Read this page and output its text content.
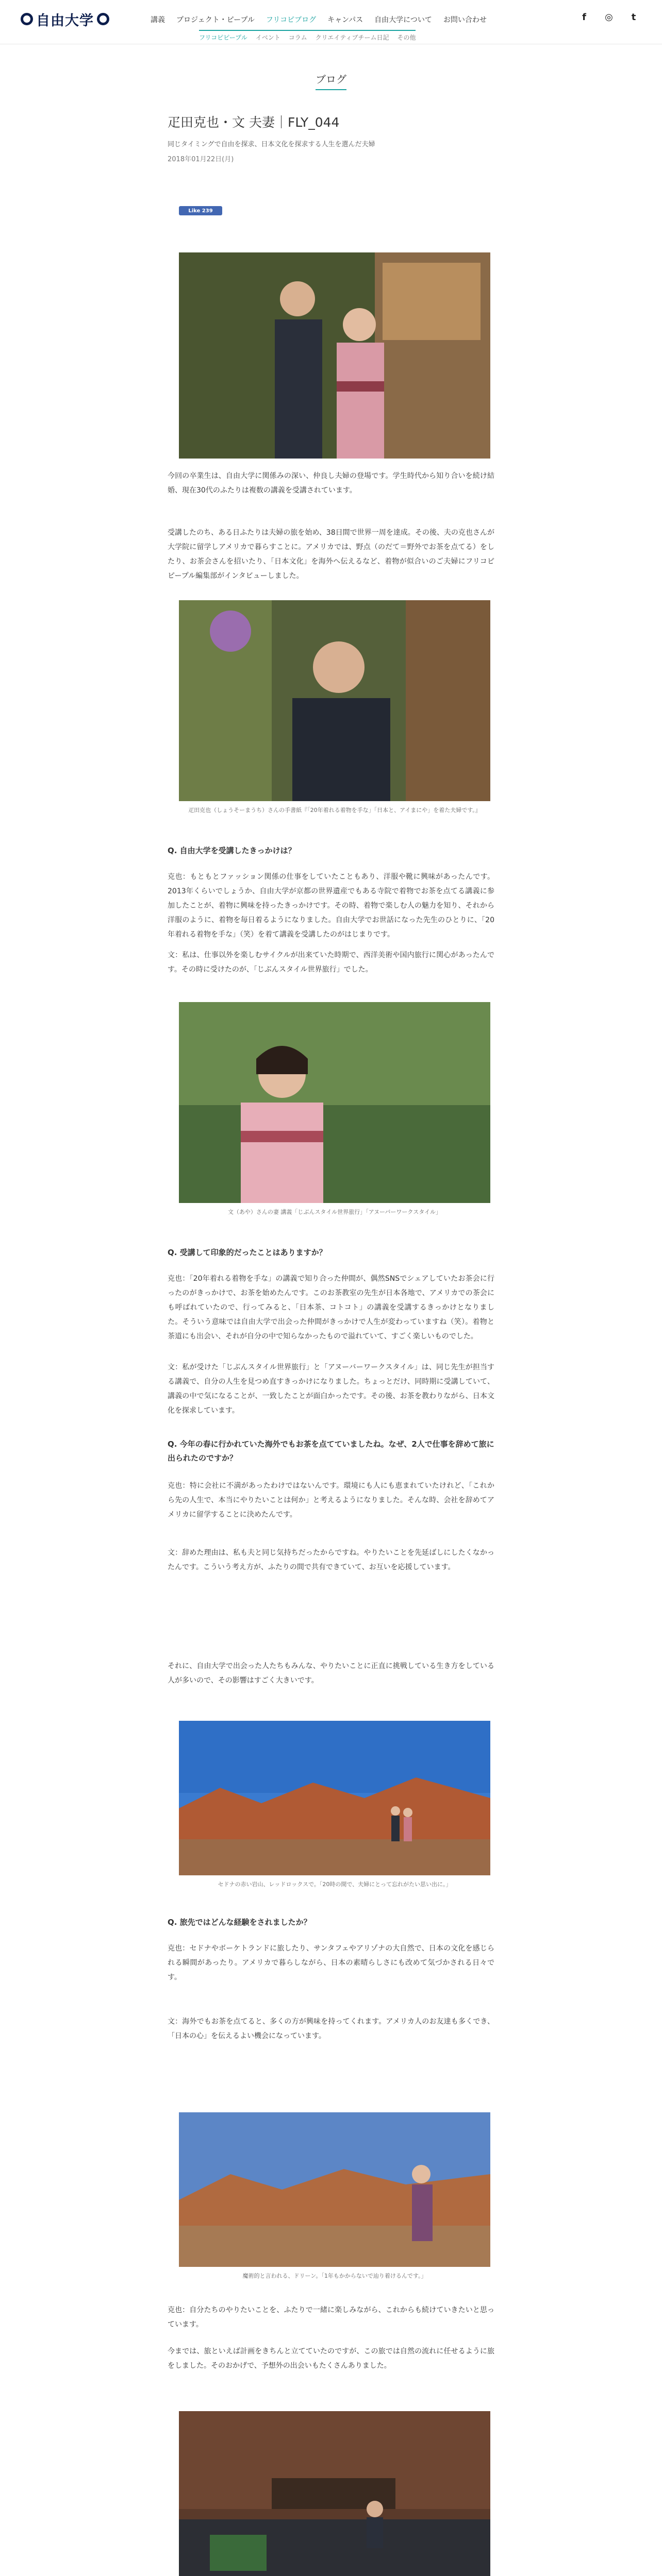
自由大学	講義 プロジェクト・ピープル フリコピブログ キャンパス 自由大学について お問い合わせ
フリコピピープル イベント コラム クリエイティブチーム日記 その他
f	◎	t
ブログ
疋田克也・文 夫妻｜FLY_044
同じタイミングで自由を探求、日本文化を探求する人生を選んだ夫婦
2018年01月22日(月)
Like 239
今回の卒業生は、自由大学に関係みの深い、仲良し夫婦の登場です。学生時代から知り合いを続け結婚、現在30代のふたりは複数の講義を受講されています。
受講したのち、ある日ふたりは夫婦の旅を始め、38日間で世界一周を達成。その後、夫の克也さんが大学院に留学しアメリカで暮らすことに。アメリカでは、野点（のだて＝野外でお茶を点てる）をしたり、お茶会さんを招いたり、「日本文化」を海外へ伝えるなど、着物が似合いのご夫婦にフリコピピープル編集部がインタビューしました。
疋田克也（しょうそーまうち）さんの手書紙『「20年着れる着物を手な」「日本と、アイまにや」を着た夫婦です。』
Q. 自由大学を受講したきっかけは？
克也：もともとファッション関係の仕事をしていたこともあり、洋服や靴に興味があったんです。2013年くらいでしょうか、自由大学が京都の世界遺産でもある寺院で着物でお茶を点てる講義に参加したことが、着物に興味を持ったきっかけです。その時、着物で楽しむ人の魅力を知り、それから洋服のように、着物を毎日着るようになりました。自由大学でお世話になった先生のひとりに、「20年着れる着物を手な」（笑）を着て講義を受講したのがはじまりです。
文：私は、仕事以外を楽しむサイクルが出来ていた時期で、西洋美術や国内旅行に関心があったんです。その時に受けたのが、「じぶんスタイル世界旅行」でした。
文（あや）さんの妻 講義「じぶんスタイル世界旅行」「アヌーバーワークスタイル」
Q. 受講して印象的だったことはありますか？
克也：「20年着れる着物を手な」の講義で知り合った仲間が、偶然SNSでシェアしていたお茶会に行ったのがきっかけで、お茶を始めたんです。このお茶教室の先生が日本各地で、アメリカでの茶会にも呼ばれていたので、行ってみると、「日本茶、コトコト」の講義を受講するきっかけとなりました。そういう意味では自由大学で出会った仲間がきっかけで人生が変わっていますね（笑）。着物と茶道にも出会い、それが自分の中で知らなかったもので溢れていて、すごく楽しいものでした。
文：私が受けた「じぶんスタイル世界旅行」と「アヌーバーワークスタイル」は、同じ先生が担当する講義で、自分の人生を見つめ直すきっかけになりました。ちょっとだけ、同時期に受講していて、講義の中で気になることが、一致したことが面白かったです。その後、お茶を教わりながら、日本文化を探求しています。
Q. 今年の春に行かれていた海外でもお茶を点てていましたね。なぜ、2人で仕事を辞めて旅に出られたのですか？
克也：特に会社に不満があったわけではないんです。環境にも人にも恵まれていたけれど、「これから先の人生で、本当にやりたいことは何か」と考えるようになりました。そんな時、会社を辞めてアメリカに留学することに決めたんです。
文：辞めた理由は、私も夫と同じ気持ちだったからですね。やりたいことを先延ばしにしたくなかったんです。こういう考え方が、ふたりの間で共有できていて、お互いを応援しています。
それに、自由大学で出会った人たちもみんな、やりたいことに正直に挑戦している生き方をしている人が多いので、その影響はすごく大きいです。
セドナの赤い岩山、レッドロックスで。「20時の間で、夫婦にとって忘れがたい思い出に。」
Q. 旅先ではどんな経験をされましたか？
克也：セドナやボーケトランドに旅したり、サンタフェやアリゾナの大自然で、日本の文化を感じられる瞬間があったり。アメリカで暮らしながら、日本の素晴らしさにも改めて気づかされる日々です。
文：海外でもお茶を点てると、多くの方が興味を持ってくれます。アメリカ人のお友達も多くでき、「日本の心」を伝えるよい機会になっています。
魔術的と言われる、ドリーン。「1年もかからないで辿り着けるんです。」
克也：自分たちのやりたいことを、ふたりで一緒に楽しみながら、これからも続けていきたいと思っています。
今までは、旅といえば計画をきちんと立てていたのですが、この旅では自然の流れに任せるように旅をしました。そのおかげで、予想外の出会いもたくさんありました。
